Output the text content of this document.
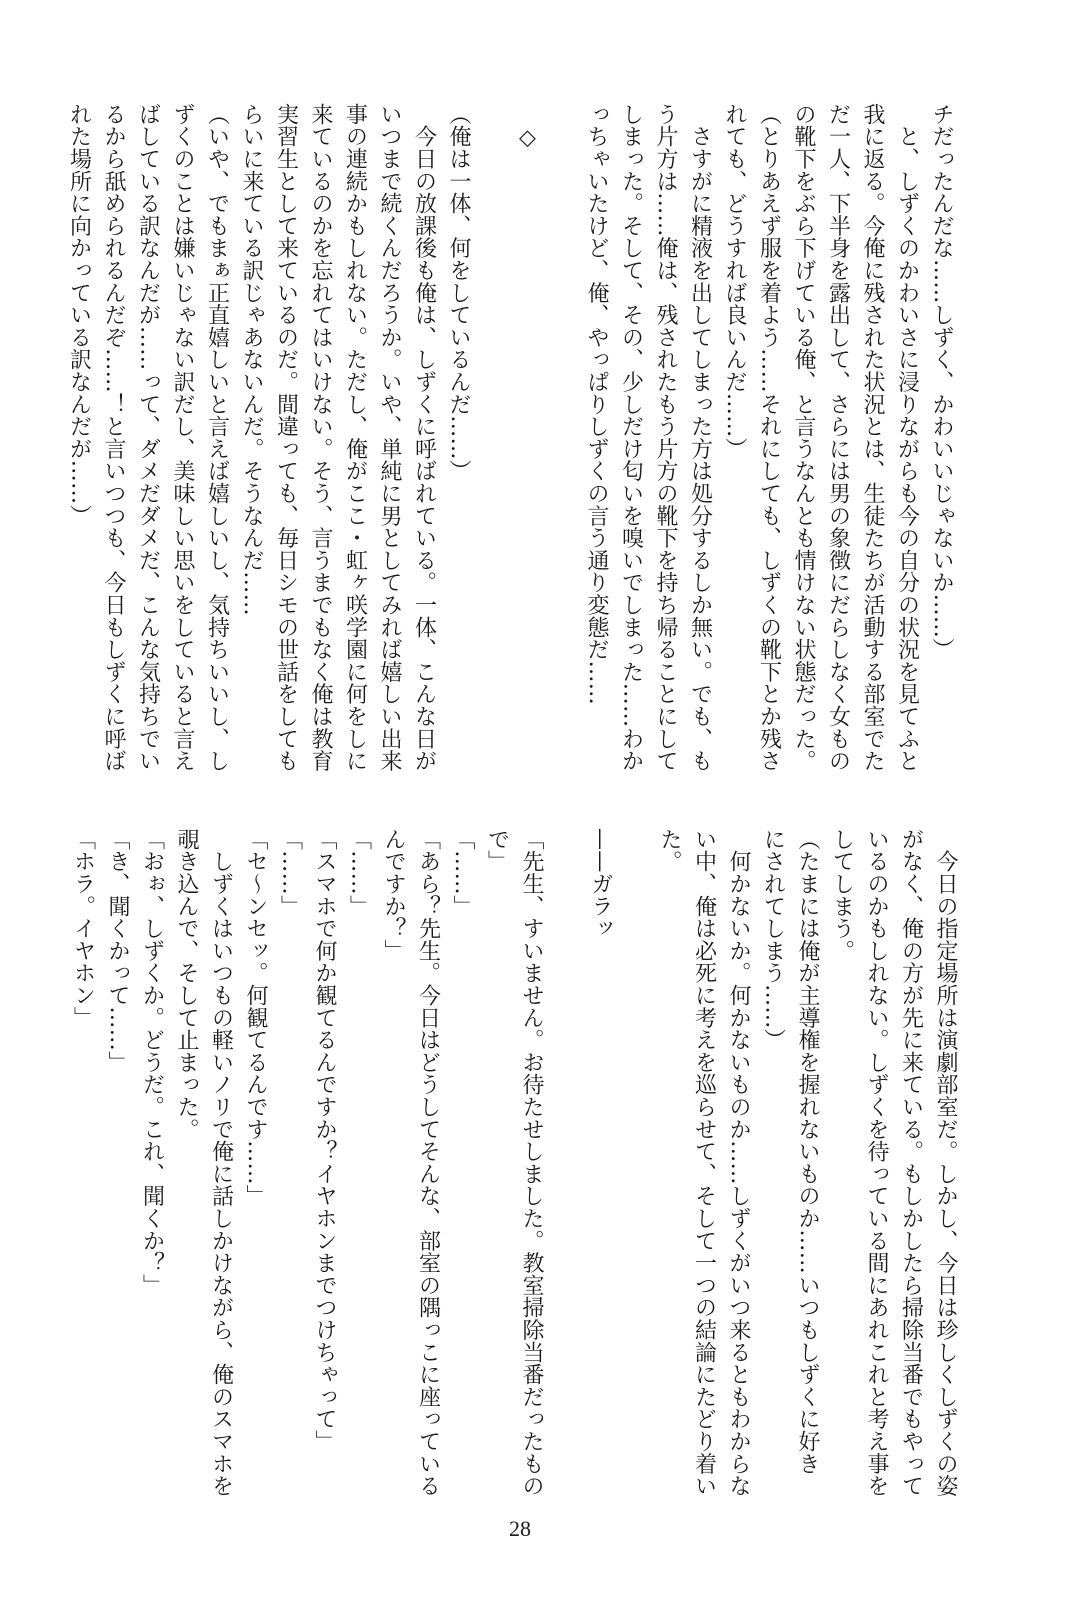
チだったんだな……しずく、かわいいじゃないか……）
　と、しずくのかわいさに浸りながらも今の自分の状況を見てふと
我に返る。今俺に残された状況とは、生徒たちが活動する部室でた
だ一人、下半身を露出して、さらには男の象徴にだらしなく女もの
の靴下をぶら下げている俺、と言うなんとも情けない状態だった。
（とりあえず服を着よう……それにしても、しずくの靴下とか残さ
れても、どうすれば良いんだ……）
　さすがに精液を出してしまった方は処分するしか無い。でも、も
う片方は……俺は、残されたもう片方の靴下を持ち帰ることにして
しまった。そして、その、少しだけ匂いを嗅いでしまった……わか
っちゃいたけど、俺、やっぱりしずくの言う通り変態だ……
　◇
（俺は一体、何をしているんだ……）
　今日の放課後も俺は、しずくに呼ばれている。一体、こんな日が
いつまで続くんだろうか。いや、単純に男としてみれば嬉しい出来
事の連続かもしれない。ただし、俺がここ・虹ヶ咲学園に何をしに
来ているのかを忘れてはいけない。そう、言うまでもなく俺は教育
実習生として来ているのだ。間違っても、毎日シモの世話をしても
らいに来ている訳じゃあないんだ。そうなんだ……
（いや、でもまぁ正直嬉しいと言えば嬉しいし、気持ちいいし、し
ずくのことは嫌いじゃない訳だし、美味しい思いをしていると言え
ばしている訳なんだが……って、ダメだダメだ、こんな気持ちでい
るから舐められるんだぞ……！と言いつつも、今日もしずくに呼ば
れた場所に向かっている訳なんだが……）
　今日の指定場所は演劇部室だ。しかし、今日は珍しくしずくの姿
がなく、俺の方が先に来ている。もしかしたら掃除当番でもやって
いるのかもしれない。しずくを待っている間にあれこれと考え事を
してしまう。
（たまには俺が主導権を握れないものか……いつもしずくに好き
にされてしまう……）
　何かないか。何かないものか……しずくがいつ来るともわからな
い中、俺は必死に考えを巡らせて、そして一つの結論にたどり着い
た。
——ガラッ
「先生、すいません。お待たせしました。教室掃除当番だったもの
で」
「……」
「あら？先生。今日はどうしてそんな、部室の隅っこに座っている
んですか？」
「……」
「スマホで何か観てるんですか？イヤホンまでつけちゃって」
「……」
「セ～ンセッ。何観てるんです……」
　しずくはいつもの軽いノリで俺に話しかけながら、俺のスマホを
覗き込んで、そして止まった。
「おぉ、しずくか。どうだ。これ、聞くか？」
「き、聞くかって……」
「ホラ。イヤホン」
28
